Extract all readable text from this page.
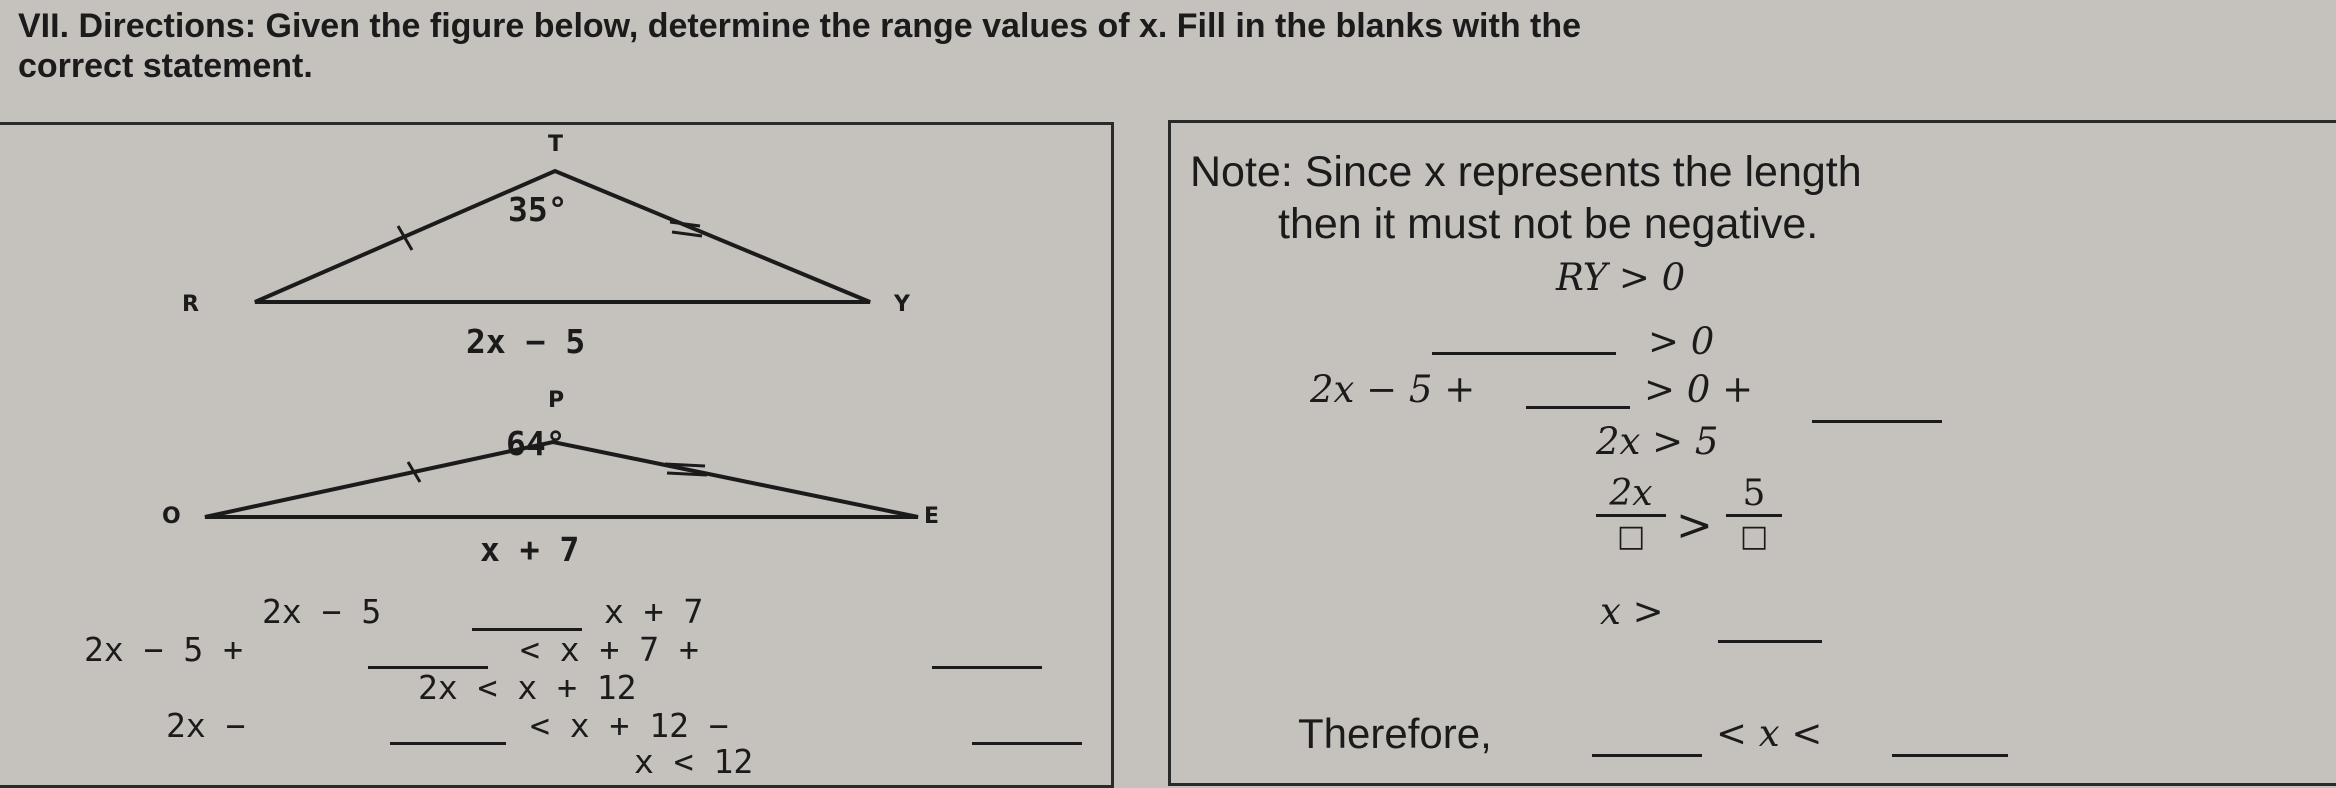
VII. Directions: Given the figure below, determine the range values of x. Fill in the blanks with the
correct statement.
T
R	Y
35°
2x − 5
P
O	E
64°
x + 7
2x − 5	x + 7
2x − 5 +	< x + 7 +
2x < x + 12
2x −	< x + 12 −
x < 12
Note: Since x represents the length
then it must not be negative.
RY > 0
> 0
2x − 5 +	> 0 +
2x > 5
2x
□ >
5
□
x >
Therefore,	< x <
